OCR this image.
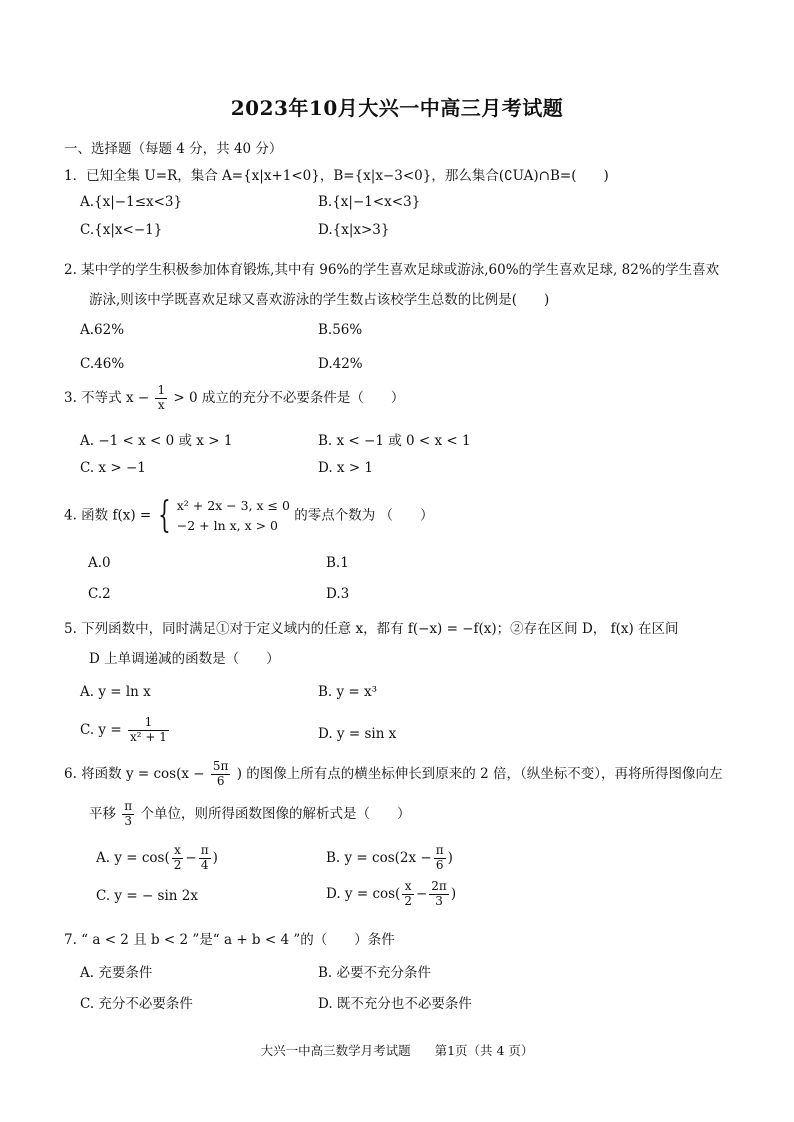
2023年10月大兴一中高三月考试题
一、选择题（每题 4 分，共 40 分）
1．已知全集 U=R，集合 A={x|x+1<0}，B={x|x−3<0}，那么集合(∁UA)∩B=(　　)
A.{x|−1≤x<3}	B.{x|−1<x<3}
C.{x|x<−1}	D.{x|x>3}
2. 某中学的学生积极参加体育锻炼,其中有 96%的学生喜欢足球或游泳,60%的学生喜欢足球, 82%的学生喜欢
游泳,则该中学既喜欢足球又喜欢游泳的学生数占该校学生总数的比例是(　　)
A.62%	B.56%
C.46%	D.42%
3. 不等式 $x - \frac{1}{x} > 0$ 成立的充分不必要条件是（　　）
A. −1 < x < 0 或 x > 1	B. x < −1 或 0 < x < 1
C. x > −1	D. x > 1
4. 函数 f(x) = { x² + 2x − 3, x ≤ 0
−2 + ln x, x > 0
的零点个数为 （　　）
A.0	B.1
C.2	D.3
5. 下列函数中，同时满足①对于定义域内的任意 x，都有 f(−x) = −f(x)；②存在区间 D， f(x) 在区间
D 上单调递减的函数是（　　）
A. y = ln x	B. y = x³
C. $y = \frac{1}{\text{x² + 1}}$	D. y = sin x
6. 将函数 $y = \cos(x - \frac{5\pi}{6}$ ) 的图像上所有点的横坐标伸长到原来的 2 倍，（纵坐标不变），再将所得图像向左
平移 $\frac{\pi}{3}$ 个单位，则所得函数图像的解析式是（　　）
A. $y = \cos( \frac{x}{2} - \frac{\pi}{4}$ )	B. $y = \cos(2x - \frac{\pi}{6}$ )
C. y = − sin 2x	D. $y = \cos( \frac{x}{2} - \frac{2\pi}{3}$ )
7. “ a < 2 且 b < 2 ”是“ a + b < 4 ”的（　　）条件
A. 充要条件	B. 必要不充分条件
C. 充分不必要条件	D. 既不充分也不必要条件
大兴一中高三数学月考试题 第1页（共 4 页）
